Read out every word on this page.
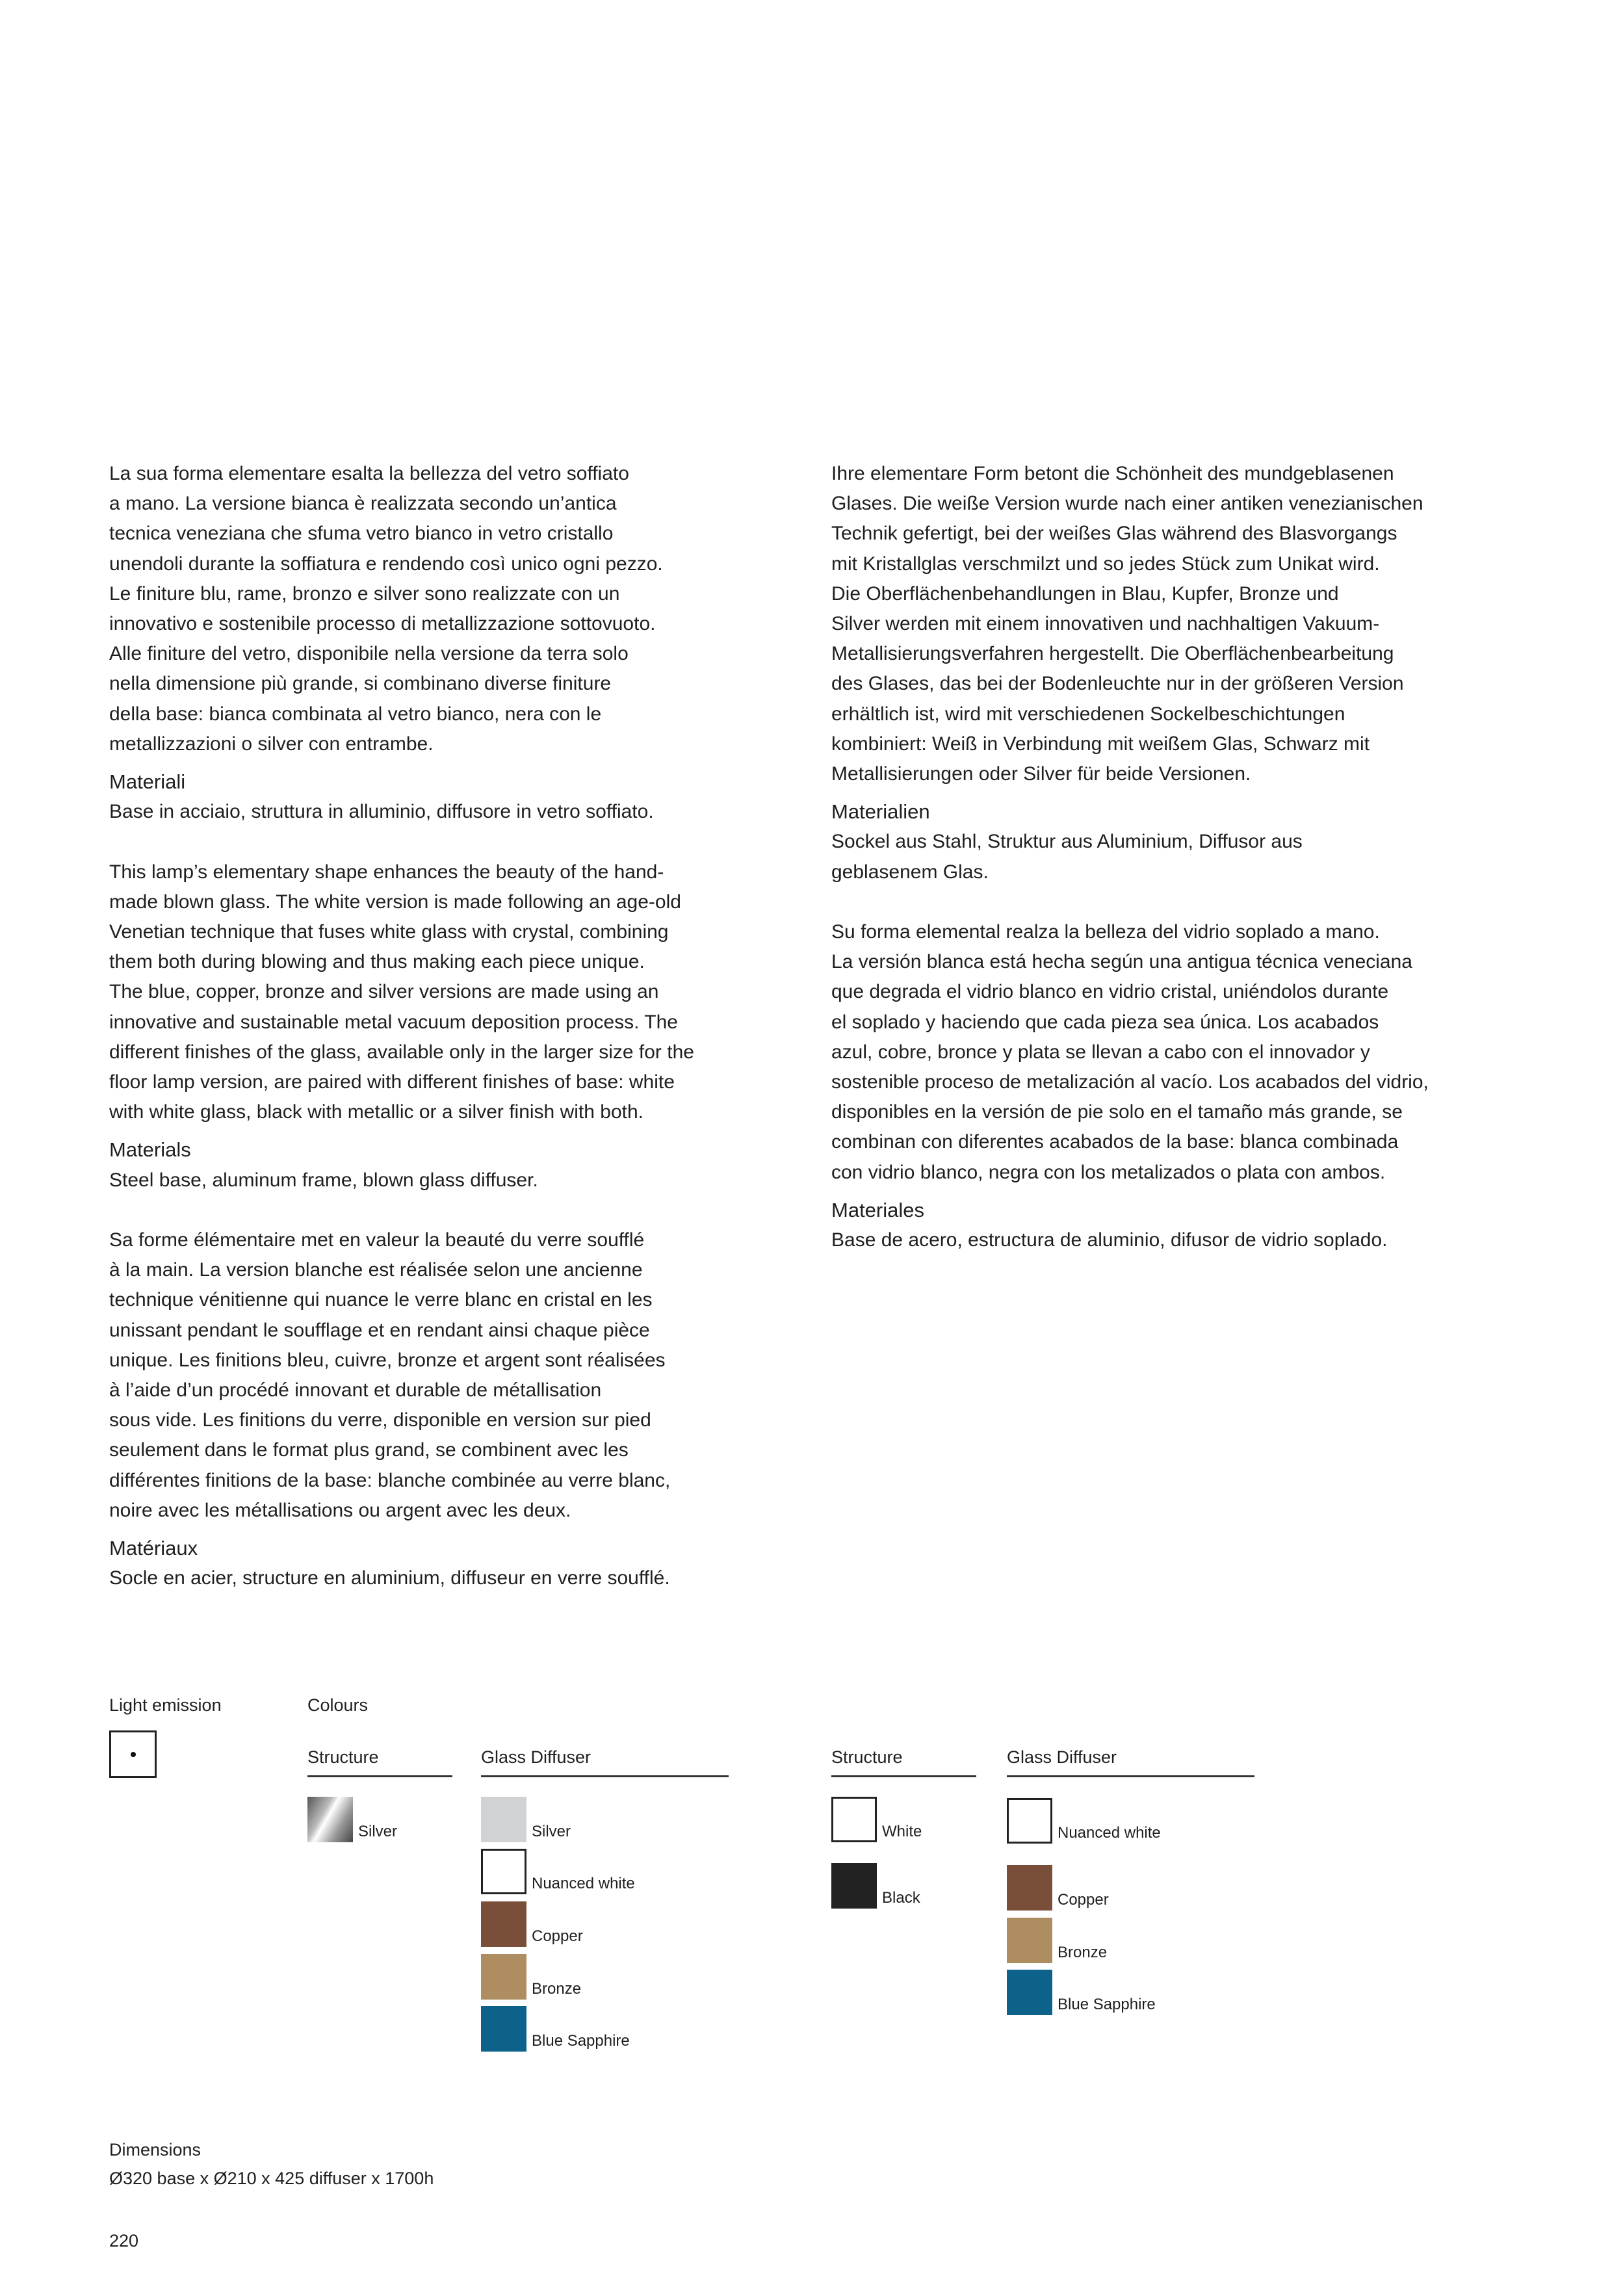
La sua forma elementare esalta la bellezza del vetro soffiato
a mano. La versione bianca è realizzata secondo un’antica
tecnica veneziana che sfuma vetro bianco in vetro cristallo
unendoli durante la soffiatura e rendendo così unico ogni pezzo.
Le finiture blu, rame, bronzo e silver sono realizzate con un
innovativo e sostenibile processo di metallizzazione sottovuoto.
Alle finiture del vetro, disponibile nella versione da terra solo
nella dimensione più grande, si combinano diverse finiture
della base: bianca combinata al vetro bianco, nera con le
metallizzazioni o silver con entrambe.
Materiali
Base in acciaio, struttura in alluminio, diffusore in vetro soffiato.
This lamp’s elementary shape enhances the beauty of the hand-
made blown glass. The white version is made following an age-old
Venetian technique that fuses white glass with crystal, combining
them both during blowing and thus making each piece unique.
The blue, copper, bronze and silver versions are made using an
innovative and sustainable metal vacuum deposition process. The
different finishes of the glass, available only in the larger size for the
floor lamp version, are paired with different finishes of base: white
with white glass, black with metallic or a silver finish with both.
Materials
Steel base, aluminum frame, blown glass diffuser.
Sa forme élémentaire met en valeur la beauté du verre soufflé
à la main. La version blanche est réalisée selon une ancienne
technique vénitienne qui nuance le verre blanc en cristal en les
unissant pendant le soufflage et en rendant ainsi chaque pièce
unique. Les finitions bleu, cuivre, bronze et argent sont réalisées
à l’aide d’un procédé innovant et durable de métallisation
sous vide. Les finitions du verre, disponible en version sur pied
seulement dans le format plus grand, se combinent avec les
différentes finitions de la base: blanche combinée au verre blanc,
noire avec les métallisations ou argent avec les deux.
Matériaux
Socle en acier, structure en aluminium, diffuseur en verre soufflé.
Ihre elementare Form betont die Schönheit des mundgeblasenen
Glases. Die weiße Version wurde nach einer antiken venezianischen
Technik gefertigt, bei der weißes Glas während des Blasvorgangs
mit Kristallglas verschmilzt und so jedes Stück zum Unikat wird.
Die Oberflächenbehandlungen in Blau, Kupfer, Bronze und
Silver werden mit einem innovativen und nachhaltigen Vakuum-
Metallisierungsverfahren hergestellt. Die Oberflächenbearbeitung
des Glases, das bei der Bodenleuchte nur in der größeren Version
erhältlich ist, wird mit verschiedenen Sockelbeschichtungen
kombiniert: Weiß in Verbindung mit weißem Glas, Schwarz mit
Metallisierungen oder Silver für beide Versionen.
Materialien
Sockel aus Stahl, Struktur aus Aluminium, Diffusor aus
geblasenem Glas.
Su forma elemental realza la belleza del vidrio soplado a mano.
La versión blanca está hecha según una antigua técnica veneciana
que degrada el vidrio blanco en vidrio cristal, uniéndolos durante
el soplado y haciendo que cada pieza sea única. Los acabados
azul, cobre, bronce y plata se llevan a cabo con el innovador y
sostenible proceso de metalización al vacío. Los acabados del vidrio,
disponibles en la versión de pie solo en el tamaño más grande, se
combinan con diferentes acabados de la base: blanca combinada
con vidrio blanco, negra con los metalizados o plata con ambos.
Materiales
Base de acero, estructura de aluminio, difusor de vidrio soplado.
Light emission	Colours
Structure	Glass Diffuser
Silver	Silver
Nuanced white
Copper
Bronze
Blue Sapphire
Structure	Glass Diffuser
White
Black
Nuanced white
Copper
Bronze
Blue Sapphire
Dimensions
Ø320 base x Ø210 x 425 diffuser x 1700h
220
